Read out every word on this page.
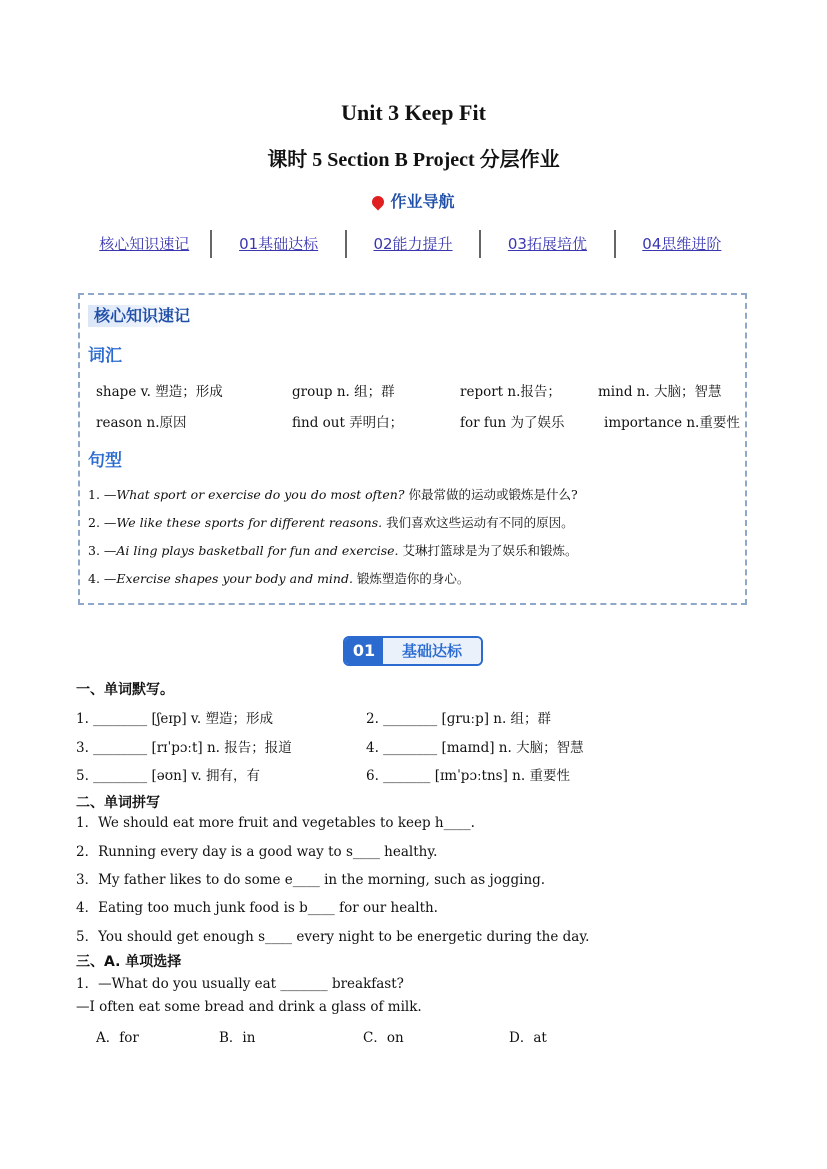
Unit 3 Keep Fit
课时 5 Section B Project 分层作业
作业导航
核心知识速记	01基础达标	02能力提升	03拓展培优	04思维进阶
核心知识速记
词汇
shape v. 塑造；形成	group n. 组；群	report n.报告；	mind n. 大脑；智慧
reason n.原因	find out 弄明白；	for fun 为了娱乐	importance n.重要性
句型
1. —What sport or exercise do you do most often? 你最常做的运动或锻炼是什么?
2. —We like these sports for different reasons. 我们喜欢这些运动有不同的原因。
3. —Ai ling plays basketball for fun and exercise. 艾琳打篮球是为了娱乐和锻炼。
4. —Exercise shapes your body and mind. 锻炼塑造你的身心。
01	基础达标
一、单词默写。
1. ________ [ʃeɪp] v. 塑造；形成	2. ________ [ɡruːp] n. 组；群
3. ________ [rɪˈpɔːt] n. 报告；报道	4. ________ [maɪnd] n. 大脑；智慧
5. ________ [əʊn] v. 拥有，有	6. _______ [ɪmˈpɔːtns] n. 重要性
二、单词拼写
1．We should eat more fruit and vegetables to keep h____.
2．Running every day is a good way to s____ healthy.
3．My father likes to do some e____ in the morning, such as jogging.
4．Eating too much junk food is b____ for our health.
5．You should get enough s____ every night to be energetic during the day.
三、A. 单项选择
1．—What do you usually eat _______ breakfast?
—I often eat some bread and drink a glass of milk.
A．for	B．in	C．on	D．at
